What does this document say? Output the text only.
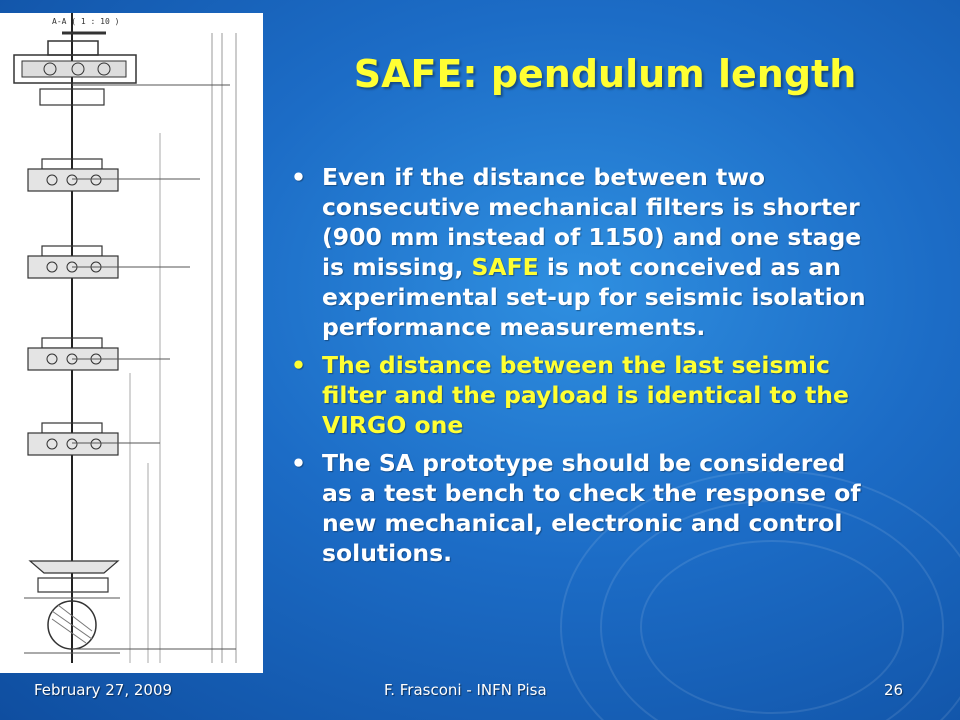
A-A ( 1 : 10 )
SAFE: pendulum length
• Even if the distance between two
consecutive mechanical filters is shorter
(900 mm instead of 1150) and one stage
is missing, SAFE is not conceived as an
experimental set-up for seismic isolation
performance measurements.
• The distance between the last seismic
filter and the payload is identical to the
VIRGO one
• The SA prototype should be considered
as a test bench to check the response of
new mechanical, electronic and control
solutions.
February 27, 2009	F. Frasconi - INFN Pisa	26
